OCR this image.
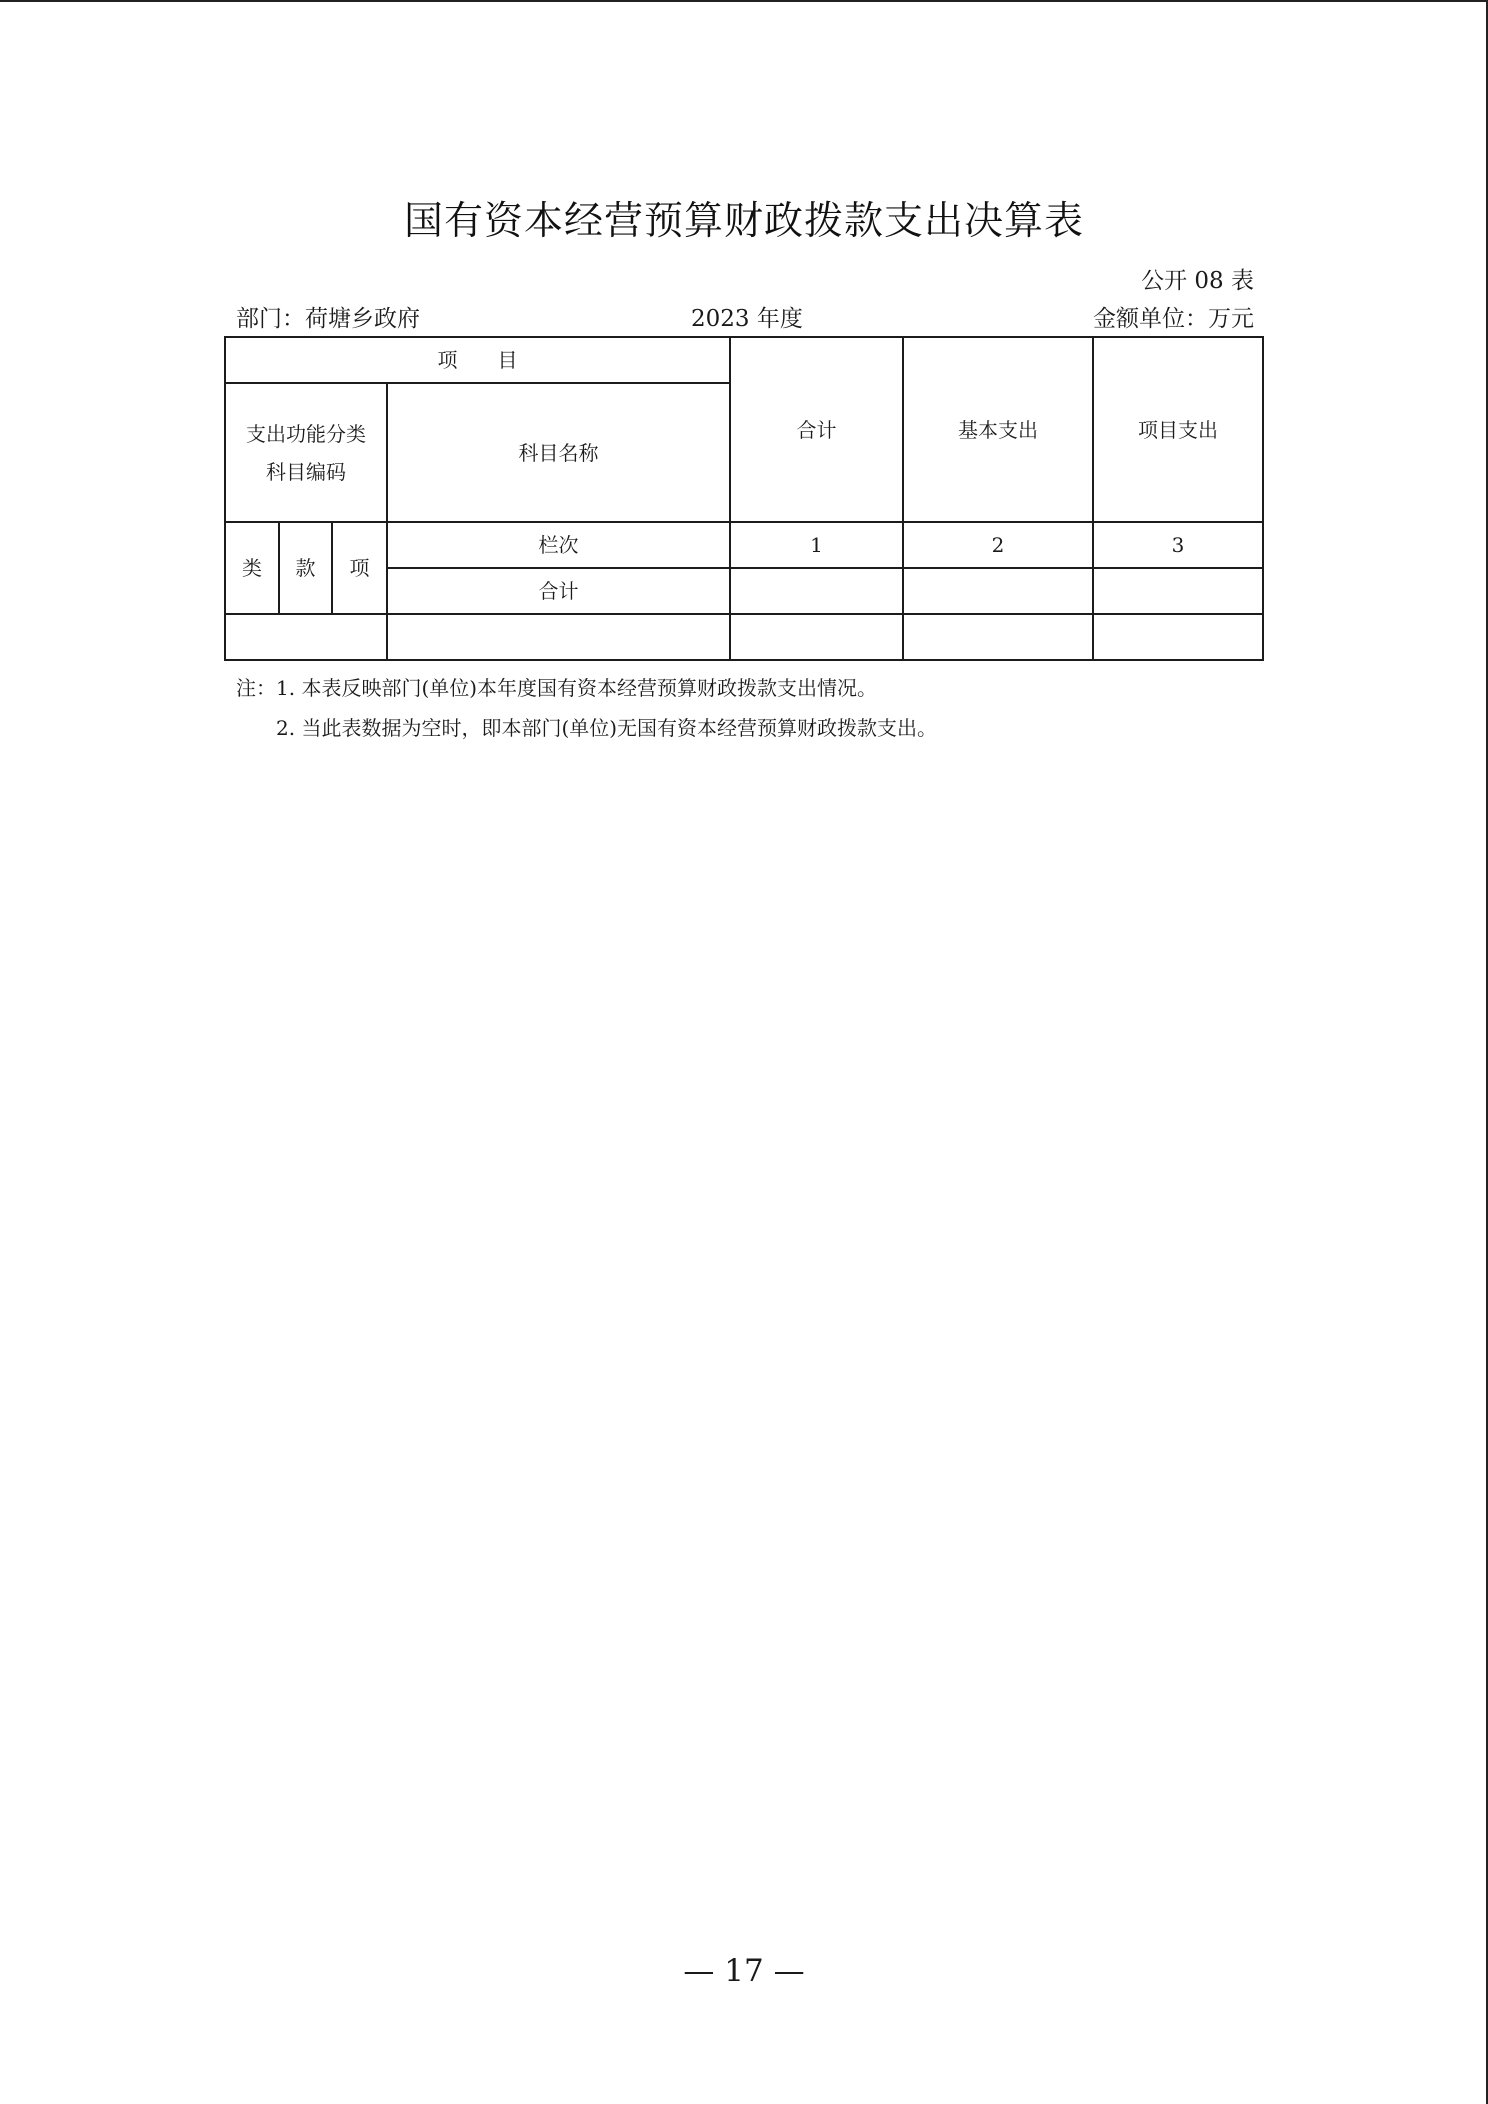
国有资本经营预算财政拨款支出决算表
公开 08 表
部门：荷塘乡政府	2023 年度	金额单位：万元
项　　目				合计	基本支出	项目支出

支出功能分类
科目编码			科目名称			
类	款	项	栏次	1	2	3
			合计			

注：1. 本表反映部门(单位)本年度国有资本经营预算财政拨款支出情况。
2. 当此表数据为空时，即本部门(单位)无国有资本经营预算财政拨款支出。
— 17 —
